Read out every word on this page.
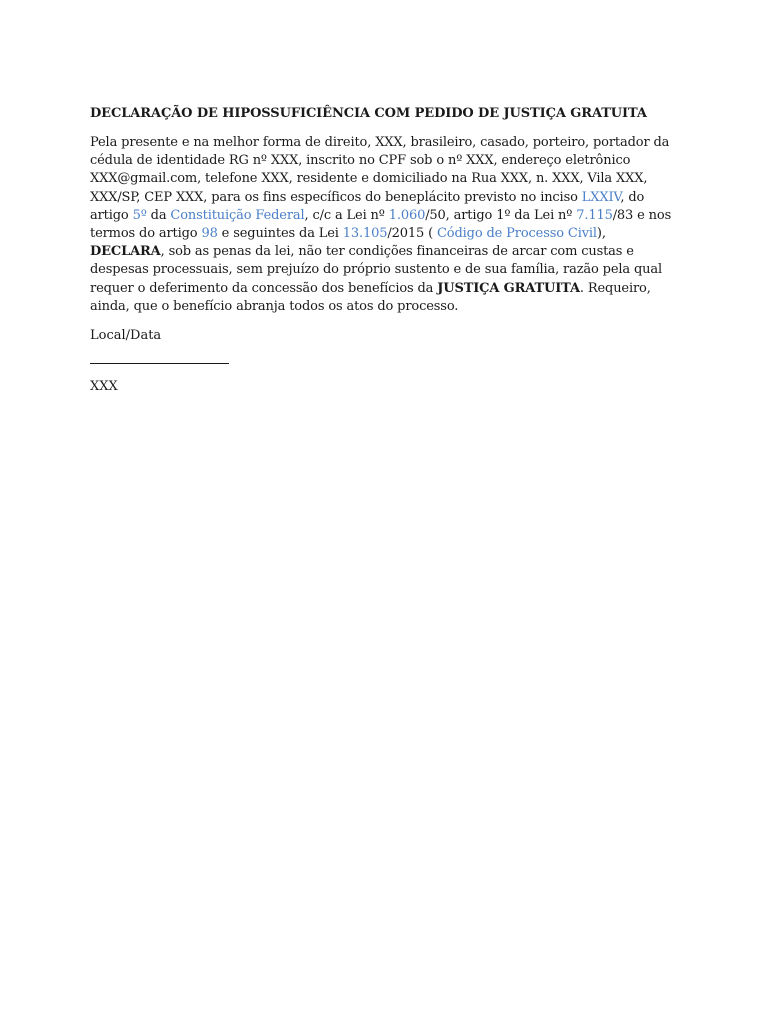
DECLARAÇÃO DE HIPOSSUFICIÊNCIA COM PEDIDO DE JUSTIÇA GRATUITA

Pela presente e na melhor forma de direito, XXX, brasileiro, casado, porteiro, portador da cédula de identidade RG nº XXX, inscrito no CPF sob o nº XXX, endereço eletrônico XXX@gmail.com, telefone XXX, residente e domiciliado na Rua XXX, n. XXX, Vila XXX, XXX/SP, CEP XXX, para os fins específicos do beneplácito previsto no inciso LXXIV, do artigo 5º da Constituição Federal, c/c a Lei nº 1.060/50, artigo 1º da Lei nº 7.115/83 e nos termos do artigo 98 e seguintes da Lei 13.105/2015 ( Código de Processo Civil), DECLARA, sob as penas da lei, não ter condições financeiras de arcar com custas e despesas processuais, sem prejuízo do próprio sustento e de sua família, razão pela qual requer o deferimento da concessão dos benefícios da JUSTIÇA GRATUITA. Requeiro, ainda, que o benefício abranja todos os atos do processo.

Local/Data
XXX
